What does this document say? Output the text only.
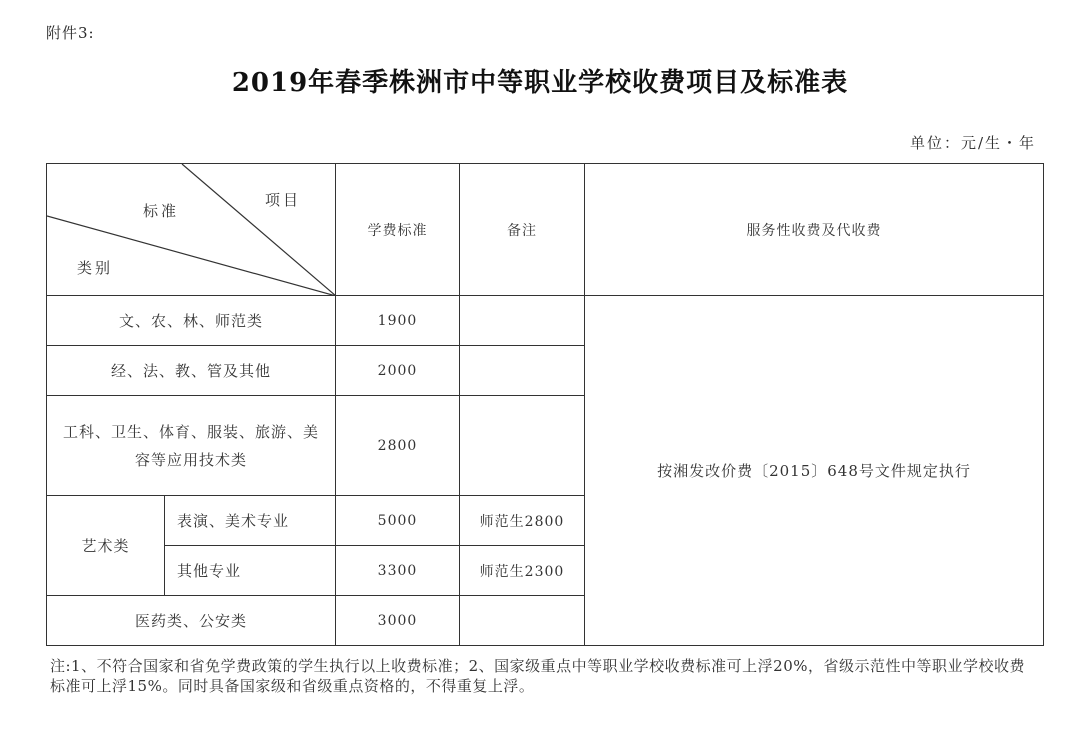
附件3:
2019年春季株洲市中等职业学校收费项目及标准表
单位：元/生・年
标准
项目
类别		学费标准	备注	服务性收费及代收费
文、农、林、师范类		1900		按湘发改价费〔2015〕648号文件规定执行
经、法、教、管及其他		2000		
工科、卫生、体育、服装、旅游、美容等应用技术类		2800		
艺术类	表演、美术专业	5000	师范生2800	
	其他专业	3300	师范生2300	
医药类、公安类		3000		
注:1、不符合国家和省免学费政策的学生执行以上收费标准；2、国家级重点中等职业学校收费标准可上浮20%，省级示范性中等职业学校收费标准可上浮15%。同时具备国家级和省级重点资格的，不得重复上浮。
